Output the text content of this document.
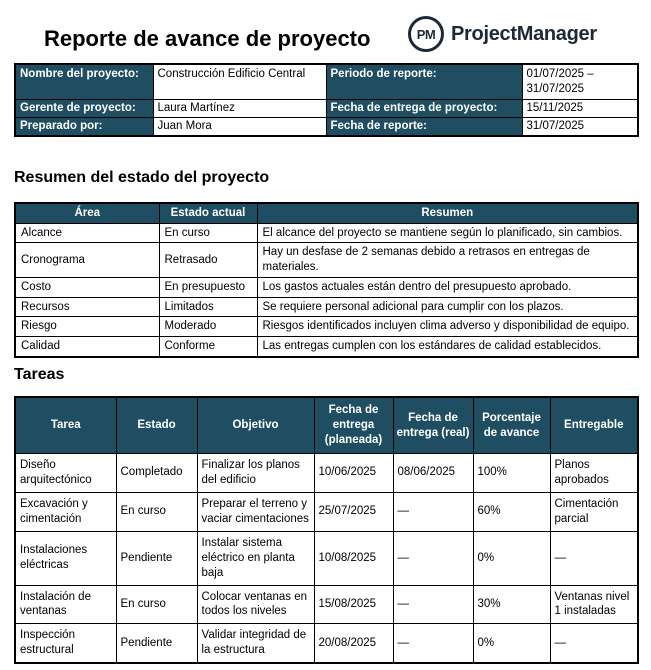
Reporte de avance de proyecto	PM ProjectManager
Nombre del proyecto:	Construcción Edificio Central	Periodo de reporte:	01/07/2025 – 31/07/2025
Gerente de proyecto:	Laura Martínez	Fecha de entrega de proyecto:	15/11/2025
Preparado por:	Juan Mora	Fecha de reporte:	31/07/2025
Resumen del estado del proyecto
Área	Estado actual	Resumen
Alcance	En curso	El alcance del proyecto se mantiene según lo planificado, sin cambios.
Cronograma	Retrasado	Hay un desfase de 2 semanas debido a retrasos en entregas de materiales.
Costo	En presupuesto	Los gastos actuales están dentro del presupuesto aprobado.
Recursos	Limitados	Se requiere personal adicional para cumplir con los plazos.
Riesgo	Moderado	Riesgos identificados incluyen clima adverso y disponibilidad de equipo.
Calidad	Conforme	Las entregas cumplen con los estándares de calidad establecidos.
Tareas
Tarea	Estado	Objetivo	Fecha de entrega (planeada)	Fecha de entrega (real)	Porcentaje de avance	Entregable
Diseño arquitectónico	Completado	Finalizar los planos del edificio	10/06/2025	08/06/2025	100%	Planos aprobados
Excavación y cimentación	En curso	Preparar el terreno y vaciar cimentaciones	25/07/2025	—	60%	Cimentación parcial
Instalaciones eléctricas	Pendiente	Instalar sistema eléctrico en planta baja	10/08/2025	—	0%	—
Instalación de ventanas	En curso	Colocar ventanas en todos los niveles	15/08/2025	—	30%	Ventanas nivel 1 instaladas
Inspección estructural	Pendiente	Validar integridad de la estructura	20/08/2025	—	0%	—
